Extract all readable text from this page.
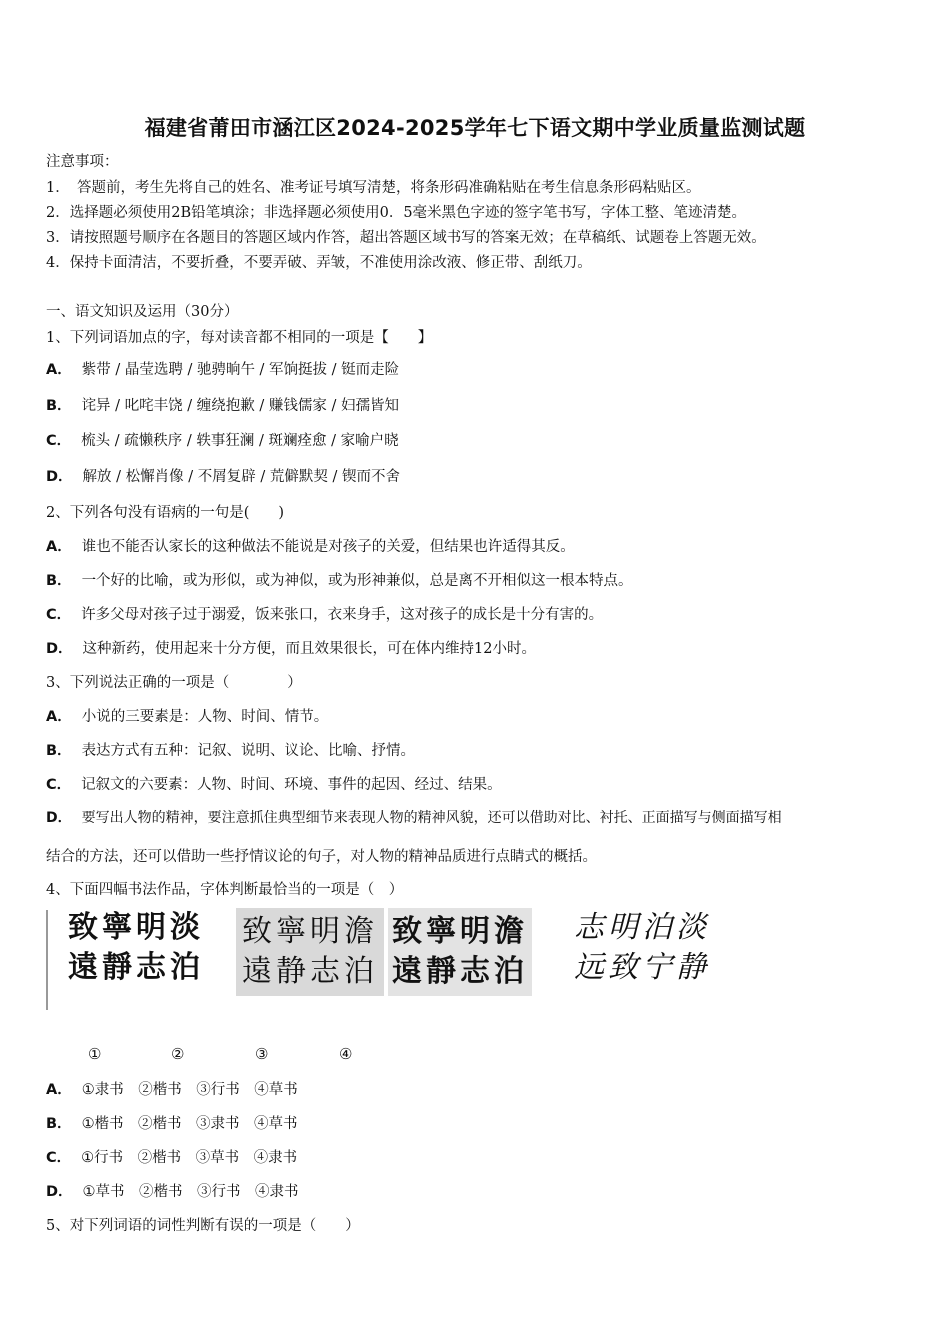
福建省莆田市涵江区2024-2025学年七下语文期中学业质量监测试题
注意事项：
1．　答题前，考生先将自己的姓名、准考证号填写清楚，将条形码准确粘贴在考生信息条形码粘贴区。
2．选择题必须使用2B铅笔填涂；非选择题必须使用0．5毫米黑色字迹的签字笔书写，字体工整、笔迹清楚。
3．请按照题号顺序在各题目的答题区域内作答，超出答题区域书写的答案无效；在草稿纸、试题卷上答题无效。
4．保持卡面清洁，不要折叠，不要弄破、弄皱，不准使用涂改液、修正带、刮纸刀。
一、语文知识及运用（30分）
1、下列词语加点的字，每对读音都不相同的一项是【　　】
A． 紫带 / 晶莹选聘 / 驰骋晌午 / 军饷挺拔 / 铤而走险
B． 诧异 / 叱咤丰饶 / 缠绕抱歉 / 赚钱儒家 / 妇孺皆知
C． 梳头 / 疏懒秩序 / 轶事狂澜 / 斑斓痊愈 / 家喻户晓
D． 解放 / 松懈肖像 / 不屑复辟 / 荒僻默契 / 锲而不舍
2、下列各句没有语病的一句是(　　)
A． 谁也不能否认家长的这种做法不能说是对孩子的关爱，但结果也许适得其反。
B． 一个好的比喻，或为形似，或为神似，或为形神兼似，总是离不开相似这一根本特点。
C． 许多父母对孩子过于溺爱，饭来张口，衣来身手，这对孩子的成长是十分有害的。
D． 这种新药，使用起来十分方便，而且效果很长，可在体内维持12小时。
3、下列说法正确的一项是（　　　　）
A． 小说的三要素是：人物、时间、情节。
B． 表达方式有五种：记叙、说明、议论、比喻、抒情。
C． 记叙文的六要素：人物、时间、环境、事件的起因、经过、结果。
D． 要写出人物的精神，要注意抓住典型细节来表现人物的精神风貌，还可以借助对比、衬托、正面描写与侧面描写相
结合的方法，还可以借助一些抒情议论的句子，对人物的精神品质进行点睛式的概括。
4、下面四幅书法作品，字体判断最恰当的一项是（　）
致寧明淡
遠靜志泊
致寧明澹
遠静志泊
致寧明澹
遠靜志泊
志明泊淡
远致宁静
①	②	③	④
A． ①隶书　②楷书　③行书　④草书
B． ①楷书　②楷书　③隶书　④草书
C． ①行书　②楷书　③草书　④隶书
D． ①草书　②楷书　③行书　④隶书
5、对下列词语的词性判断有误的一项是（　　）
